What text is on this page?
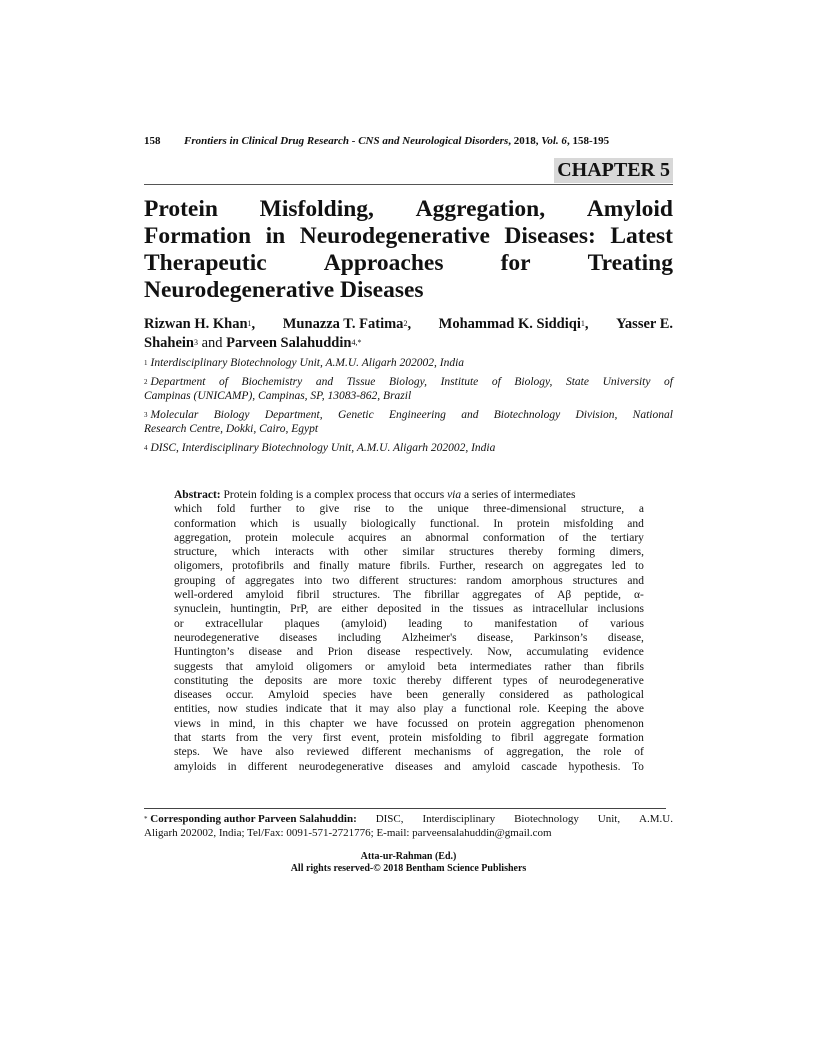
158 Frontiers in Clinical Drug Research - CNS and Neurological Disorders, 2018, Vol. 6, 158-195
CHAPTER 5
Protein Misfolding, Aggregation, Amyloid
Formation in Neurodegenerative Diseases: Latest
Therapeutic Approaches for Treating
Neurodegenerative Diseases
Rizwan H. Khan$^1$, Munazza T. Fatima$^2$, Mohammad K. Siddiqi$^1$, Yasser E.
Shahein$^3$ and Parveen Salahuddin$^{4,*}$
$^1$ Interdisciplinary Biotechnology Unit, A.M.U. Aligarh 202002, India
$^2$ Department of Biochemistry and Tissue Biology, Institute of Biology, State University of
Campinas (UNICAMP), Campinas, SP, 13083-862, Brazil
$^3$ Molecular Biology Department, Genetic Engineering and Biotechnology Division, National
Research Centre, Dokki, Cairo, Egypt
$^4$ DISC, Interdisciplinary Biotechnology Unit, A.M.U. Aligarh 202002, India
Abstract: Protein folding is a complex process that occurs via a series of intermediates
which fold further to give rise to the unique three-dimensional structure, a
conformation which is usually biologically functional. In protein misfolding and
aggregation, protein molecule acquires an abnormal conformation of the tertiary
structure, which interacts with other similar structures thereby forming dimers,
oligomers, protofibrils and finally mature fibrils. Further, research on aggregates led to
grouping of aggregates into two different structures: random amorphous structures and
well-ordered amyloid fibril structures. The fibrillar aggregates of Aβ peptide, α-
synuclein, huntingtin, PrP, are either deposited in the tissues as intracellular inclusions
or extracellular plaques (amyloid) leading to manifestation of various
neurodegenerative diseases including Alzheimer's disease, Parkinson’s disease,
Huntington’s disease and Prion disease respectively. Now, accumulating evidence
suggests that amyloid oligomers or amyloid beta intermediates rather than fibrils
constituting the deposits are more toxic thereby different types of neurodegenerative
diseases occur. Amyloid species have been generally considered as pathological
entities, now studies indicate that it may also play a functional role. Keeping the above
views in mind, in this chapter we have focussed on protein aggregation phenomenon
that starts from the very first event, protein misfolding to fibril aggregate formation
steps. We have also reviewed different mechanisms of aggregation, the role of
amyloids in different neurodegenerative diseases and amyloid cascade hypothesis. To
* Corresponding author Parveen Salahuddin: DISC, Interdisciplinary Biotechnology Unit, A.M.U.
Aligarh 202002, India; Tel/Fax: 0091-571-2721776; E-mail: parveensalahuddin@gmail.com
Atta-ur-Rahman (Ed.)
All rights reserved-© 2018 Bentham Science Publishers
